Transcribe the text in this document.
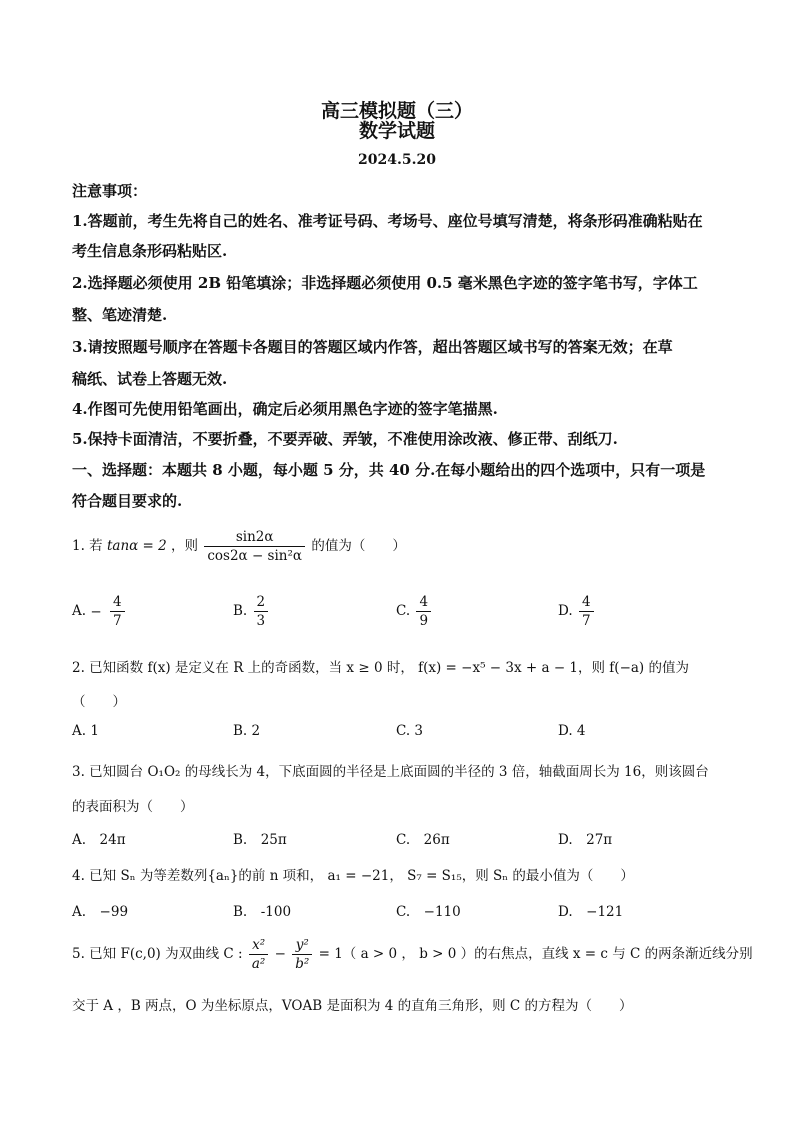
高三模拟题（三）
数学试题
2024.5.20
注意事项：
1.答题前，考生先将自己的姓名、准考证号码、考场号、座位号填写清楚，将条形码准确粘贴在
考生信息条形码粘贴区.
2.选择题必须使用 2B 铅笔填涂；非选择题必须使用 0.5 毫米黑色字迹的签字笔书写，字体工
整、笔迹清楚.
3.请按照题号顺序在答题卡各题目的答题区域内作答，超出答题区域书写的答案无效；在草
稿纸、试卷上答题无效.
4.作图可先使用铅笔画出，确定后必须用黑色字迹的签字笔描黑.
5.保持卡面清洁，不要折叠，不要弄破、弄皱，不准使用涂改液、修正带、刮纸刀.
一、选择题：本题共 8 小题，每小题 5 分，共 40 分.在每小题给出的四个选项中，只有一项是
符合题目要求的.
1. 若 tanα = 2 ，则 $\frac{\sin 2\alpha}{\text{cos2α − sin²α}}$ 的值为（　　）
A. − $\frac{4}{7}$	B. $\frac{2}{3}$	C. $\frac{4}{9}$	D. $\frac{4}{7}$
2. 已知函数 f(x) 是定义在 R 上的奇函数，当 x ≥ 0 时， f(x) = −x⁵ − 3x + a − 1，则 f(−a) 的值为
（　　）
A. 1	B. 2	C. 3	D. 4
3. 已知圆台 O₁O₂ 的母线长为 4，下底面圆的半径是上底面圆的半径的 3 倍，轴截面周长为 16，则该圆台
的表面积为（　　）
A.　24π	B.　25π	C.　26π	D.　27π
4. 已知 Sₙ 为等差数列{aₙ}的前 n 项和， a₁ = −21， S₇ = S₁₅，则 Sₙ 的最小值为（　　）
A.　−99	B.　-100	C.　−110	D.　−121
5. 已知 F(c,0) 为双曲线 C : $\frac{\text{x²}}{\text{a²}} - \frac{\text{y²}}{\text{b²}} = 1$（ a > 0 ， b > 0 ）的右焦点，直线 x = c 与 C 的两条渐近线分别
交于 A ，B 两点，O 为坐标原点，VOAB 是面积为 4 的直角三角形，则 C 的方程为（　　）
